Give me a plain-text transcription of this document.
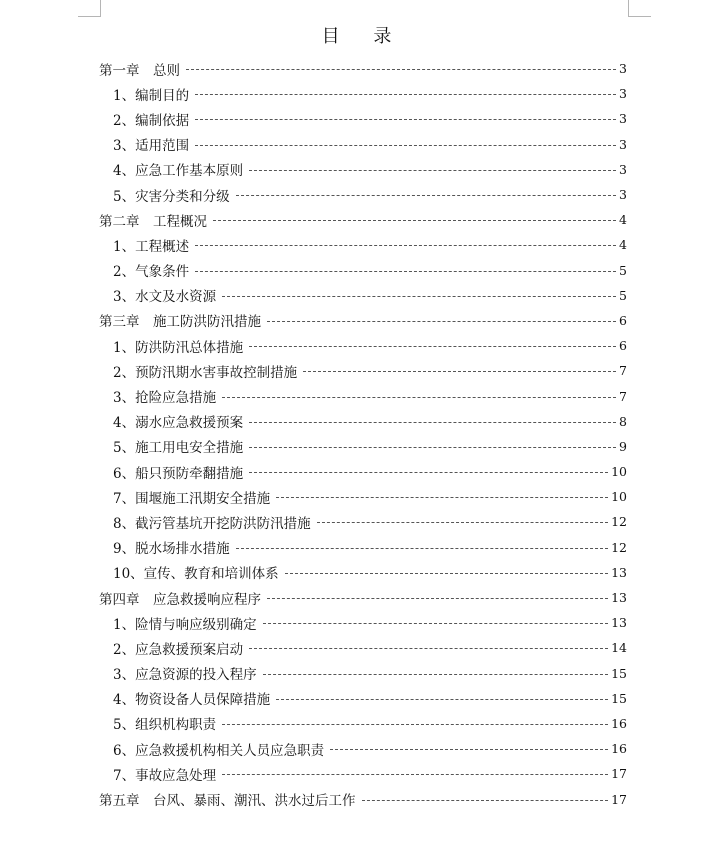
目 录
第一章　总则	3
1、编制目的	3
2、编制依据	3
3、适用范围	3
4、应急工作基本原则	3
5、灾害分类和分级	3
第二章　工程概况	4
1、工程概述	4
2、气象条件	5
3、水文及水资源	5
第三章　施工防洪防汛措施	6
1、防洪防汛总体措施	6
2、预防汛期水害事故控制措施	7
3、抢险应急措施	7
4、溺水应急救援预案	8
5、施工用电安全措施	9
6、船只预防牵翻措施	10
7、围堰施工汛期安全措施	10
8、截污管基坑开挖防洪防汛措施	12
9、脱水场排水措施	12
10、宣传、教育和培训体系	13
第四章　应急救援响应程序	13
1、险情与响应级别确定	13
2、应急救援预案启动	14
3、应急资源的投入程序	15
4、物资设备人员保障措施	15
5、组织机构职责	16
6、应急救援机构相关人员应急职责	16
7、事故应急处理	17
第五章　台风、暴雨、潮汛、洪水过后工作	17
